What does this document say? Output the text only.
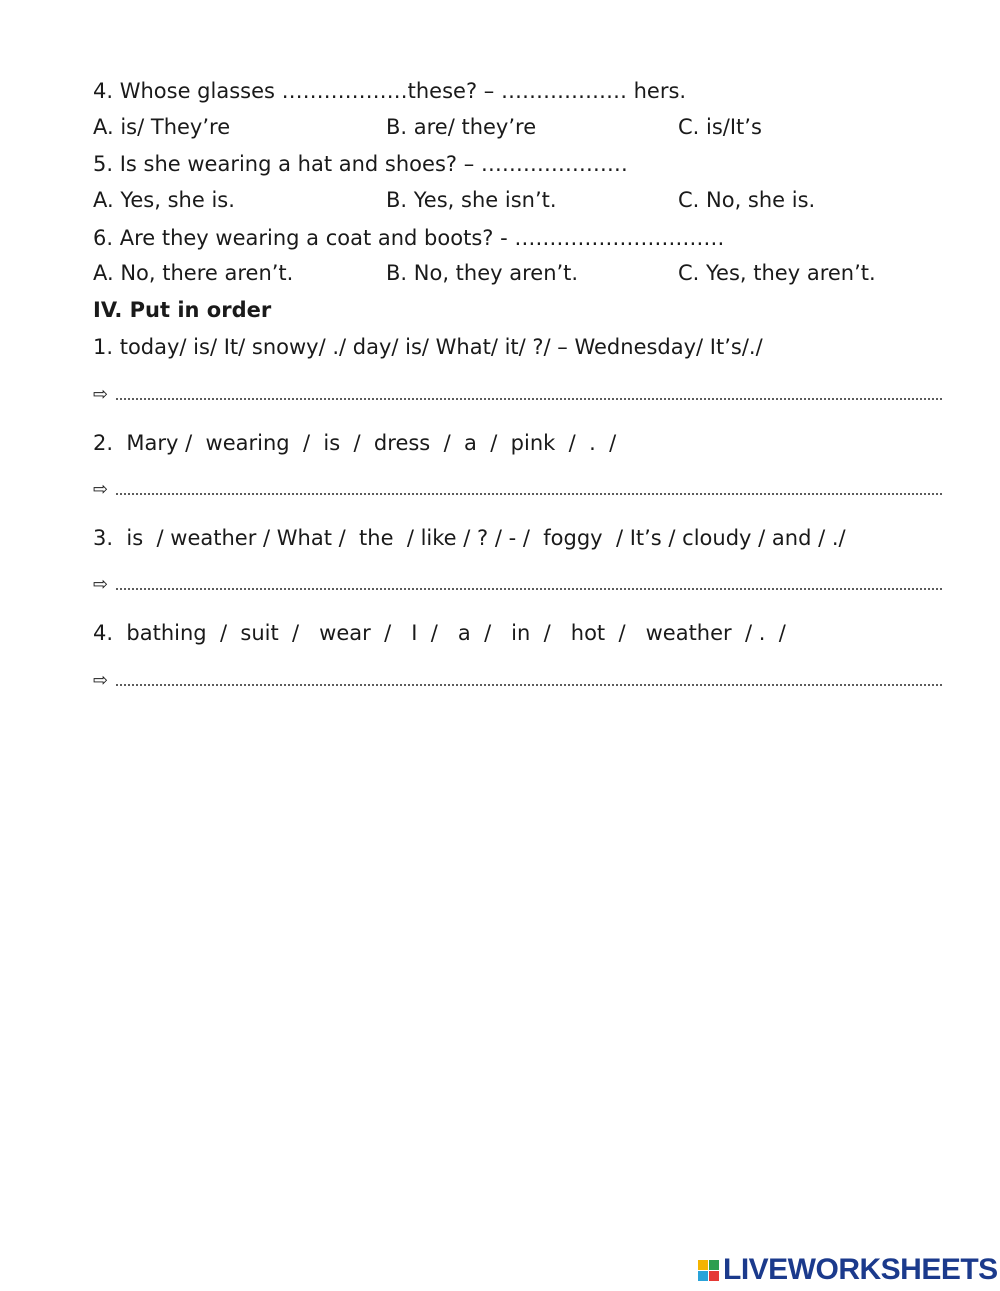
4. Whose glasses ………………these? – ……………… hers.
A. is/ They’re	B. are/ they’re	C. is/It’s
5. Is she wearing a hat and shoes? – …………………
A. Yes, she is.	B. Yes, she isn’t.	C. No, she is.
6. Are they wearing a coat and boots? - …………………………
A. No, there aren’t.	B. No, they aren’t.	C. Yes, they aren’t.
IV. Put in order
1. today/ is/ It/ snowy/ ./ day/ is/ What/ it/ ?/ – Wednesday/ It’s/./
⇨
2.  Mary /  wearing  /  is  /  dress  /  a  /  pink  /  .  /
⇨
3.  is  / weather / What /  the  / like / ? / - /  foggy  / It’s / cloudy / and / ./
⇨
4.  bathing  /  suit  /   wear  /   I  /   a  /   in  /   hot  /   weather  / .  /
⇨
LIVEWORKSHEETS
